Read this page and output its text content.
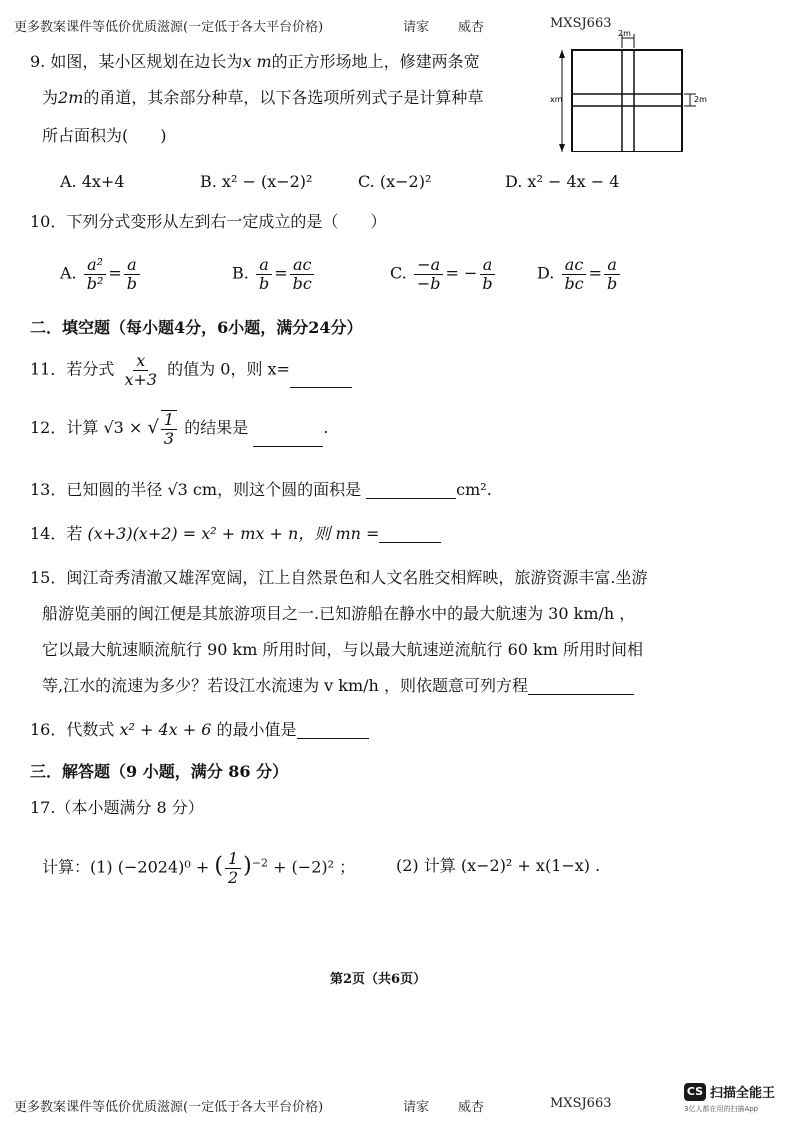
更多教案课件等低价优质滋源(一定低于各大平台价格)	请家 威杏	MXSJ663
9. 如图，某小区规划在边长为x m的正方形场地上，修建两条宽
为2m的甬道，其余部分种草，以下各选项所列式子是计算种草
所占面积为(　　)
2m
xm	2m
A. 4x+4	B. x² − (x−2)²	C. (x−2)²	D. x² − 4x − 4
10．下列分式变形从左到右一定成立的是（　　）
A. $\frac{\text{a²}}{\text{b²}} = \frac{a}{b}$	B. $\frac{a}{b} = \frac{ac}{bc}$	C. $\frac{-a}{-b}$ = − $\frac{a}{b}$	D. $\frac{ac}{bc} = \frac{a}{b}$
二．填空题（每小题4分，6小题，满分24分）
11．若分式 $\frac{x}{x+3}$ 的值为 0，则 x=
12．计算 √3 × √ $\frac{1}{3}$ 的结果是	.
13．已知圆的半径 √3 cm，则这个圆的面积是	cm².
14．若 (x+3)(x+2) = x² + mx + n，则 mn =
15．闽江奇秀清澈又雄浑宽阔，江上自然景色和人文名胜交相辉映，旅游资源丰富.坐游
船游览美丽的闽江便是其旅游项目之一.已知游船在静水中的最大航速为 30 km/h ，
它以最大航速顺流航行 90 km 所用时间，与以最大航速逆流航行 60 km 所用时间相
等,江水的流速为多少？若设江水流速为 v km/h ，则依题意可列方程
16．代数式 x² + 4x + 6 的最小值是
三．解答题（9 小题，满分 86 分）
17.（本小题满分 8 分）
计算：(1) (−2024)⁰ + ( $\frac{1}{2} )^{-2} + (-2)^2$ ；	(2) 计算 (x−2)² + x(1−x) .
第2页（共6页）
更多教案课件等低价优质滋源(一定低于各大平台价格)	请家 威杏	MXSJ663
CS 扫描全能王
3亿人都在用的扫描App
